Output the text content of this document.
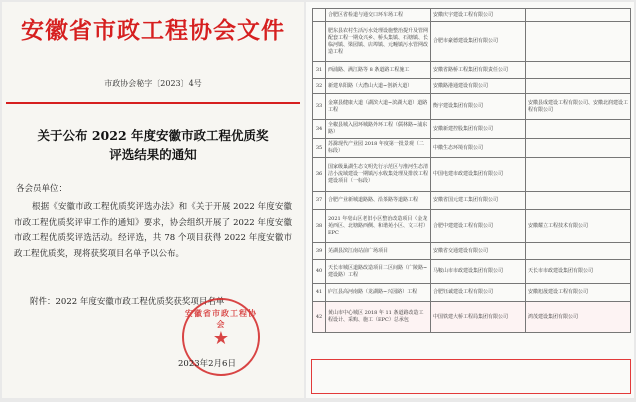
安徽省市政工程协会文件
市政协会秘字〔2023〕4号
关于公布 2022 年度安徽市政工程优质奖
评选结果的通知
各会员单位：
根据《安徽市政工程优质奖评选办法》和《关于开展 2022 年度安徽市政工程优质奖评审工作的通知》要求，协会组织开展了 2022 年度安徽市政工程优质奖评选活动。经评选，共 78 个项目获得 2022 年度安徽市政工程优质奖，现将获奖项目名单予以公布。
附件：2022 年度安徽市政工程优质奖获奖项目名单
安徽省市政工程协会
★
2023年2月6日
	合肥区省检道与通交口环车场工程	安徽庆宇建设工程有限公司	
	肥东县农村生活污水处理设施整治提升及管网配套工程一期众兴乡、桥头集镇、石塘镇、长临河镇、梁园镇、店埠镇、元疃镇污水管网改造工程	合肥市豪德建设集团有限公司	
31	西浦路、满江路等 8 条道路工程施工	安徽省路桥工程集团有限责任公司	
32	新建阜阳路（大潜山大道~创新大道）	安徽路港通建设有限公司	
33	金寨县健康大道（湖滨大道~滨湖大道）道路工程	衡宇建设集团有限公司	安徽县成建设工程有限公司、安徽北润建设工程有限公司
34	全椒县城入园环城路外环工程（儒林路~浦东路）	安徽新建控股集团有限公司	
35	苏滁现代产业园 2018 年度第一批景观（二标段）	中徽生态环境有限公司	
36	国家级巢湖生态文明先行示范区与淮河生态清洁小流域建设一期镇污水收集处理及排放工程建设项目（一标段）	中国电建市政建设集团有限公司	
37	合肥产业新城道路路、沿茶路等道路工程	安徽省国元建工集团有限公司	
38	2021 年亳山区老旧小区整治改造项目（金龙苑西区、北塘路西侧、和谐苑小区、文三村）EPC	合肥中建建设工程有限公司	安徽耀立工程技术有限公司
39	芜湖县滨江南站前广场项目	安徽省交通建设有限公司	
40	天长市城区道路改造项目二区间路（广陵路~建设路）工程	马鞍山市市政建设集团有限公司	天长市市政建设集团有限公司
41	庐江县高河南路（龙湖路~兴园路）工程	合肥钰诚建设工程有限公司	安徽旭晟建设工程有限公司
42	黄山市中心城区 2018 年 11 条道路改造工程设计、采购、施工（EPC）总承包	中国铁建大桥工程局集团有限公司	鸿茂建设集团有限公司
